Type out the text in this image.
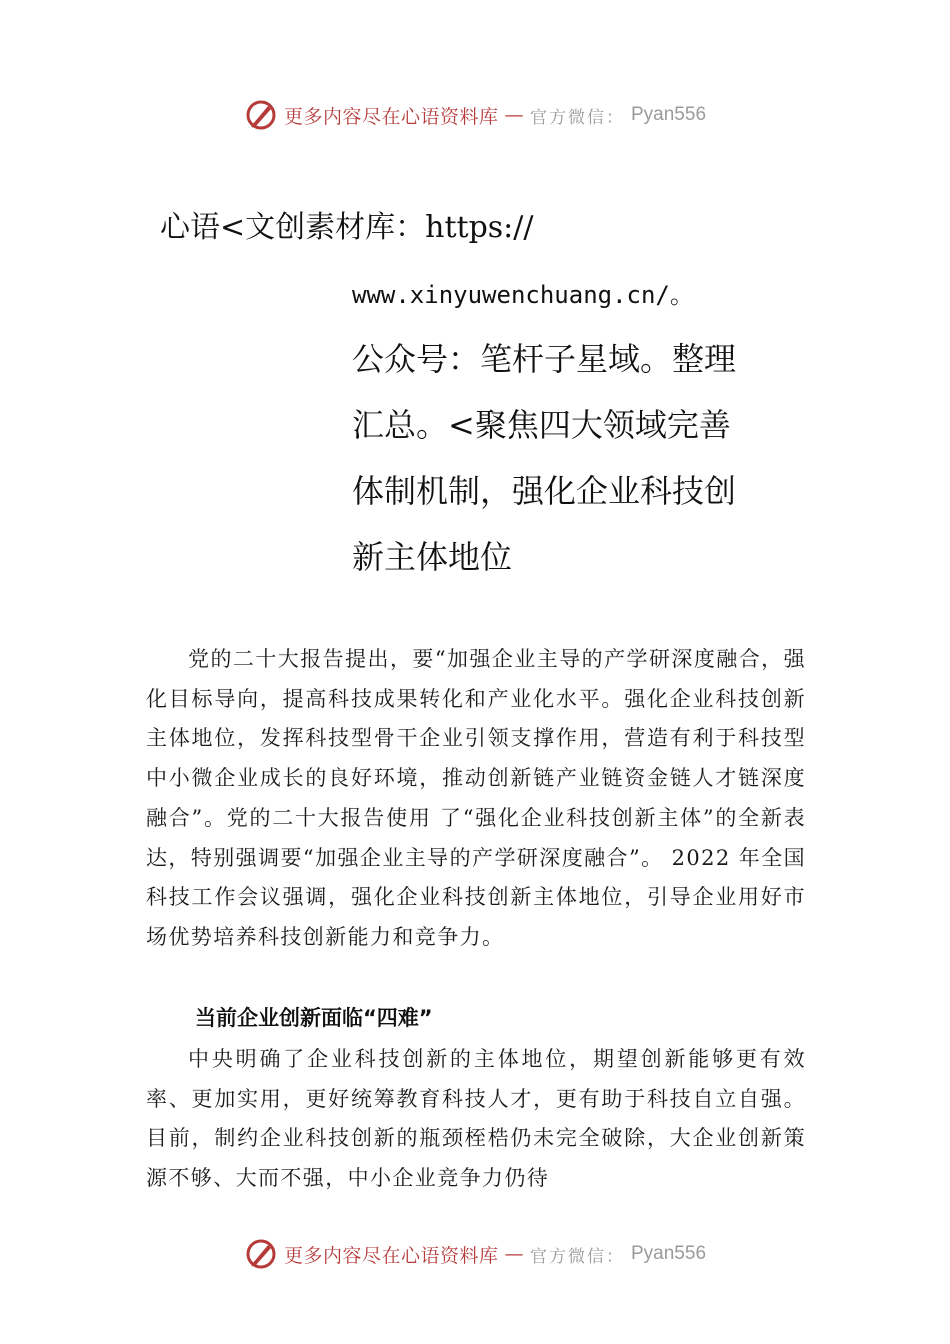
更多内容尽在心语资料库 — 官方微信： Pyan556
心语<文创素材库：https://
www.xinyuwenchuang.cn/。
公众号：笔杆子星域。整理
汇总。<聚焦四大领域完善
体制机制，强化企业科技创
新主体地位

党的二十大报告提出，要“加强企业主导的产学研深度融合，强化目标导向，提高科技成果转化和产业化水平。强化企业科技创新主体地位，发挥科技型骨干企业引领支撑作用，营造有利于科技型中小微企业成长的良好环境，推动创新链产业链资金链人才链深度融合”。党的二十大报告使用 了“强化企业科技创新主体”的全新表达，特别强调要“加强企业主导的产学研深度融合”。 2022 年全国科技工作会议强调，强化企业科技创新主体地位，引导企业用好市场优势培养科技创新能力和竞争力。

当前企业创新面临“四难”

中央明确了企业科技创新的主体地位，期望创新能够更有效率、更加实用，更好统筹教育科技人才，更有助于科技自立自强。目前，制约企业科技创新的瓶颈桎梏仍未完全破除，大企业创新策源不够、大而不强，中小企业竞争力仍待

更多内容尽在心语资料库 — 官方微信： Pyan556
